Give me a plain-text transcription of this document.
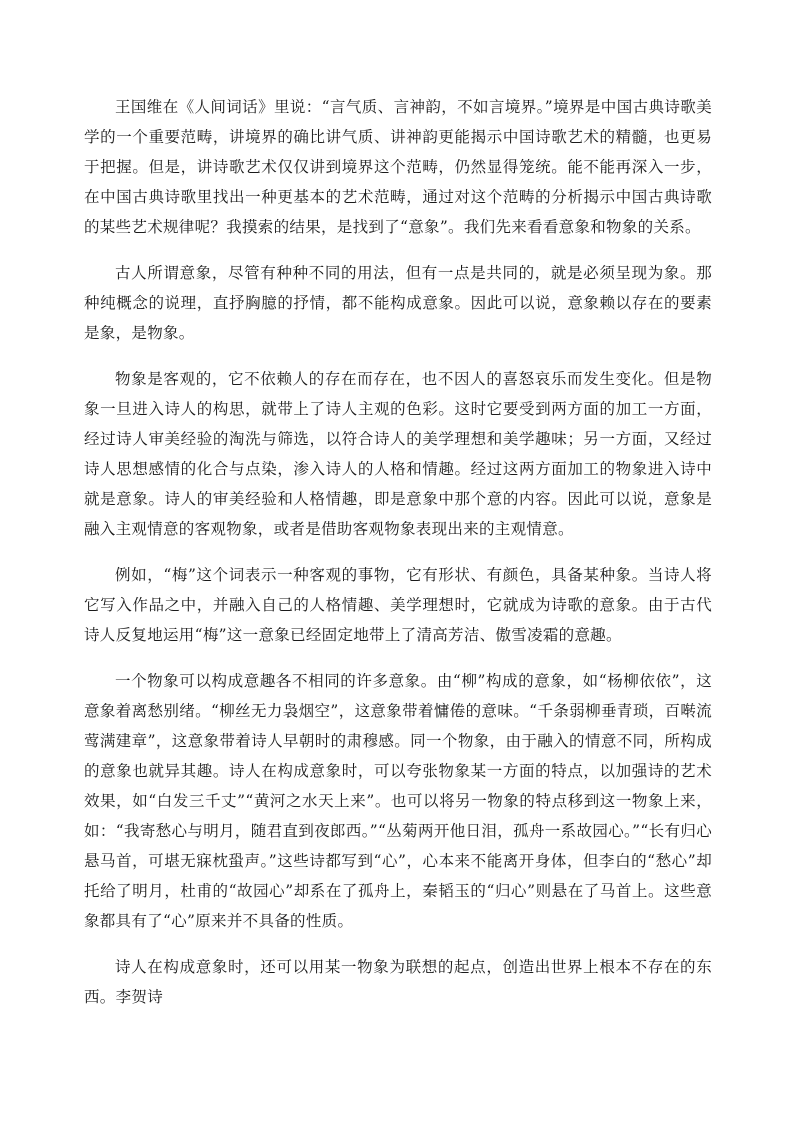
王国维在《人间词话》里说：“言气质、言神韵，不如言境界。”境界是中国古典诗歌美学的一个重要范畴，讲境界的确比讲气质、讲神韵更能揭示中国诗歌艺术的精髓，也更易于把握。但是，讲诗歌艺术仅仅讲到境界这个范畴，仍然显得笼统。能不能再深入一步，在中国古典诗歌里找出一种更基本的艺术范畴，通过对这个范畴的分析揭示中国古典诗歌的某些艺术规律呢？我摸索的结果，是找到了“意象”。我们先来看看意象和物象的关系。

古人所谓意象，尽管有种种不同的用法，但有一点是共同的，就是必须呈现为象。那种纯概念的说理，直抒胸臆的抒情，都不能构成意象。因此可以说，意象赖以存在的要素是象，是物象。

物象是客观的，它不依赖人的存在而存在，也不因人的喜怒哀乐而发生变化。但是物象一旦进入诗人的构思，就带上了诗人主观的色彩。这时它要受到两方面的加工一方面，经过诗人审美经验的淘洗与筛选，以符合诗人的美学理想和美学趣味；另一方面，又经过诗人思想感情的化合与点染，渗入诗人的人格和情趣。经过这两方面加工的物象进入诗中就是意象。诗人的审美经验和人格情趣，即是意象中那个意的内容。因此可以说，意象是融入主观情意的客观物象，或者是借助客观物象表现出来的主观情意。

例如，“梅”这个词表示一种客观的事物，它有形状、有颜色，具备某种象。当诗人将它写入作品之中，并融入自己的人格情趣、美学理想时，它就成为诗歌的意象。由于古代诗人反复地运用“梅”这一意象已经固定地带上了清高芳洁、傲雪凌霜的意趣。

一个物象可以构成意趣各不相同的许多意象。由“柳”构成的意象，如“杨柳依依”，这意象着离愁别绪。“柳丝无力袅烟空”，这意象带着慵倦的意味。“千条弱柳垂青琐，百啭流莺满建章”，这意象带着诗人早朝时的肃穆感。同一个物象，由于融入的情意不同，所构成的意象也就异其趣。诗人在构成意象时，可以夸张物象某一方面的特点，以加强诗的艺术效果，如“白发三千丈”“黄河之水天上来”。也可以将另一物象的特点移到这一物象上来，如：“我寄愁心与明月，随君直到夜郎西。”“丛菊两开他日泪，孤舟一系故园心。”“长有归心悬马首，可堪无寐枕蛩声。”这些诗都写到“心”，心本来不能离开身体，但李白的“愁心”却托给了明月，杜甫的“故园心”却系在了孤舟上，秦韬玉的“归心”则悬在了马首上。这些意象都具有了“心”原来并不具备的性质。

诗人在构成意象时，还可以用某一物象为联想的起点，创造出世界上根本不存在的东西。李贺诗
